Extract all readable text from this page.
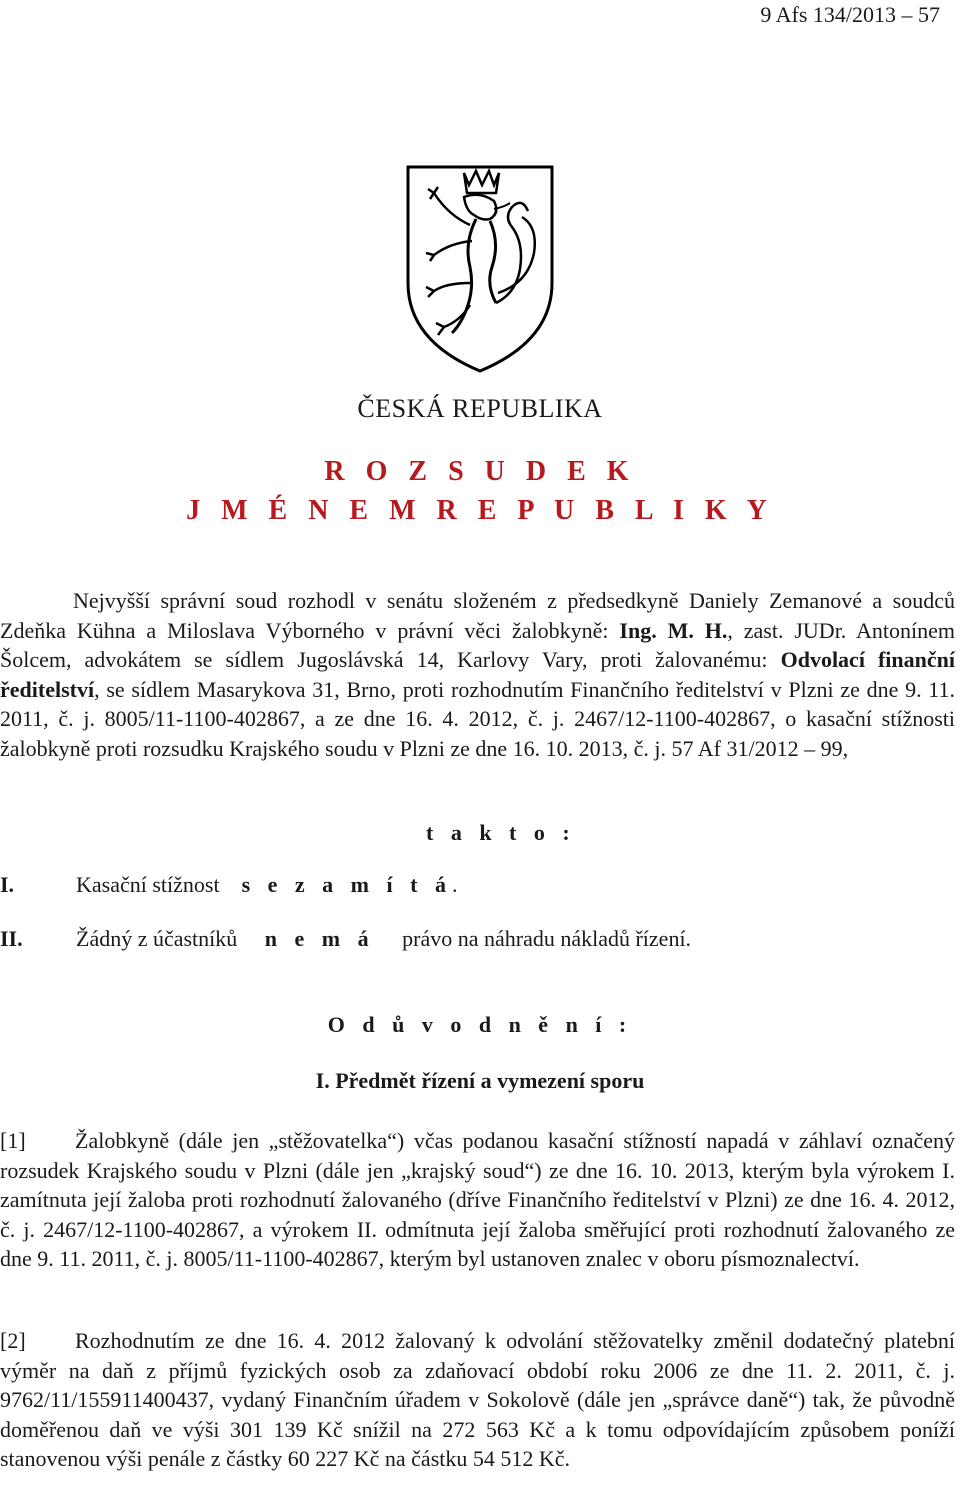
9 Afs 134/2013 – 57
ČESKÁ REPUBLIKA
R O Z S U D E K
J M É N E M R E P U B L I K Y

Nejvyšší správní soud rozhodl v senátu složeném z předsedkyně Daniely Zemanové a soudců Zdeňka Kühna a Miloslava Výborného v právní věci žalobkyně: Ing. M. H., zast. JUDr. Antonínem Šolcem, advokátem se sídlem Jugoslávská 14, Karlovy Vary, proti žalovanému: Odvolací finanční ředitelství, se sídlem Masarykova 31, Brno, proti rozhodnutím Finančního ředitelství v Plzni ze dne 9. 11. 2011, č. j. 8005/11-1100-402867, a ze dne 16. 4. 2012, č. j. 2467/12-1100-402867, o kasační stížnosti žalobkyně proti rozsudku Krajského soudu v Plzni ze dne 16. 10. 2013, č. j. 57 Af 31/2012 – 99,

t a k t o :
I.	Kasační stížnost s e z a m í t á.
II. Žádný z účastníků n e m á právo na náhradu nákladů řízení.
O d ů v o d n ě n í :
I. Předmět řízení a vymezení sporu

[1] Žalobkyně (dále jen „stěžovatelka“) včas podanou kasační stížností napadá v záhlaví označený rozsudek Krajského soudu v Plzni (dále jen „krajský soud“) ze dne 16. 10. 2013, kterým byla výrokem I. zamítnuta její žaloba proti rozhodnutí žalovaného (dříve Finančního ředitelství v Plzni) ze dne 16. 4. 2012, č. j. 2467/12-1100-402867, a výrokem II. odmítnuta její žaloba směřující proti rozhodnutí žalovaného ze dne 9. 11. 2011, č. j. 8005/11-1100-402867, kterým byl ustanoven znalec v oboru písmoznalectví.

[2] Rozhodnutím ze dne 16. 4. 2012 žalovaný k odvolání stěžovatelky změnil dodatečný platební výměr na daň z příjmů fyzických osob za zdaňovací období roku 2006 ze dne 11. 2. 2011, č. j. 9762/11/155911400437, vydaný Finančním úřadem v Sokolově (dále jen „správce daně“) tak, že původně doměřenou daň ve výši 301 139 Kč snížil na 272 563 Kč a k tomu odpovídajícím způsobem poníží stanovenou výši penále z částky 60 227 Kč na částku 54 512 Kč.
